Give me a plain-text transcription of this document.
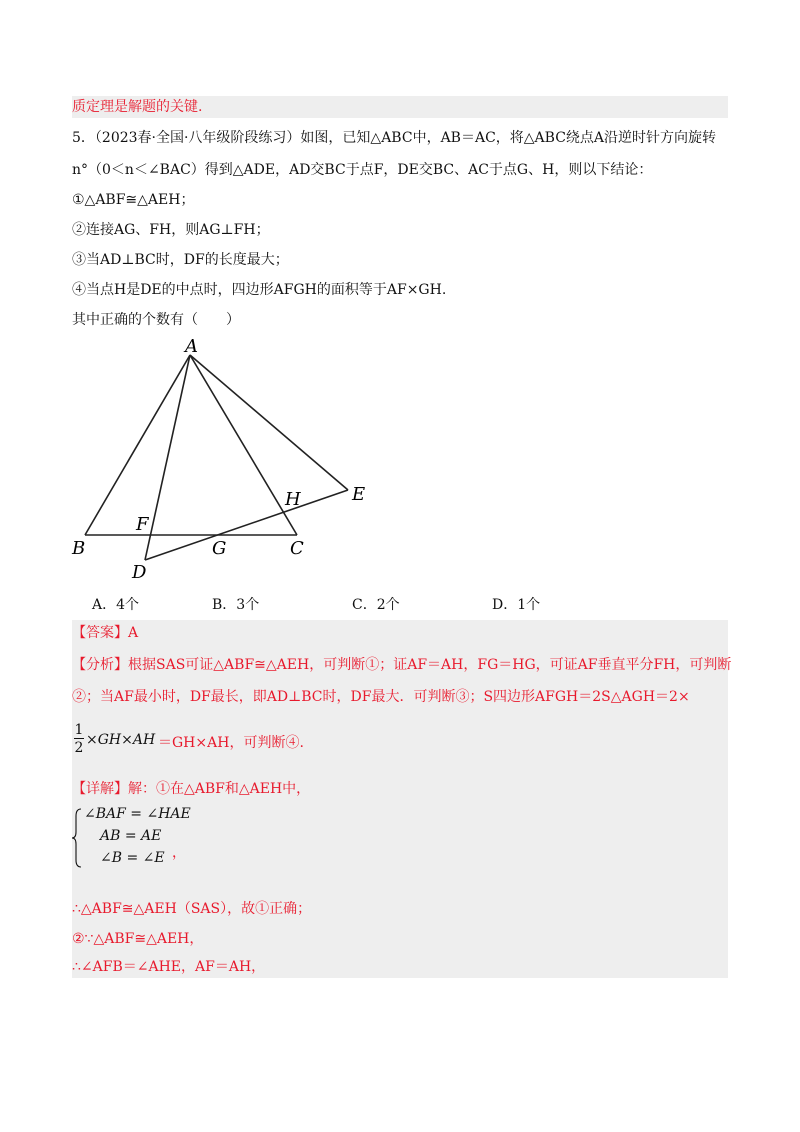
质定理是解题的关键.
5．（2023春·全国·八年级阶段练习）如图，已知△ABC中，AB＝AC，将△ABC绕点A沿逆时针方向旋转
n°（0＜n＜∠BAC）得到△ADE，AD交BC于点F，DE交BC、AC于点G、H，则以下结论：
①△ABF≅△AEH；
②连接AG、FH，则AG⊥FH；
③当AD⊥BC时，DF的长度最大；
④当点H是DE的中点时，四边形AFGH的面积等于AF×GH.
其中正确的个数有（　　）
A
B	C
D
E
F
G
H
A．4个	B．3个	C．2个	D．1个
【答案】A
【分析】根据SAS可证△ABF≅△AEH，可判断①；证AF＝AH，FG＝HG，可证AF垂直平分FH，可判断
②；当AF最小时，DF最长，即AD⊥BC时，DF最大．可判断③；S四边形AFGH＝2S△AGH＝2×
1
2 ×GH×AH ＝GH×AH，可判断④.
【详解】解：①在△ABF和△AEH中，
∠BAF = ∠HAE
AB = AE
∠B = ∠E ，
∴△ABF≅△AEH（SAS），故①正确；
②∵△ABF≅△AEH，
∴∠AFB＝∠AHE，AF＝AH，
